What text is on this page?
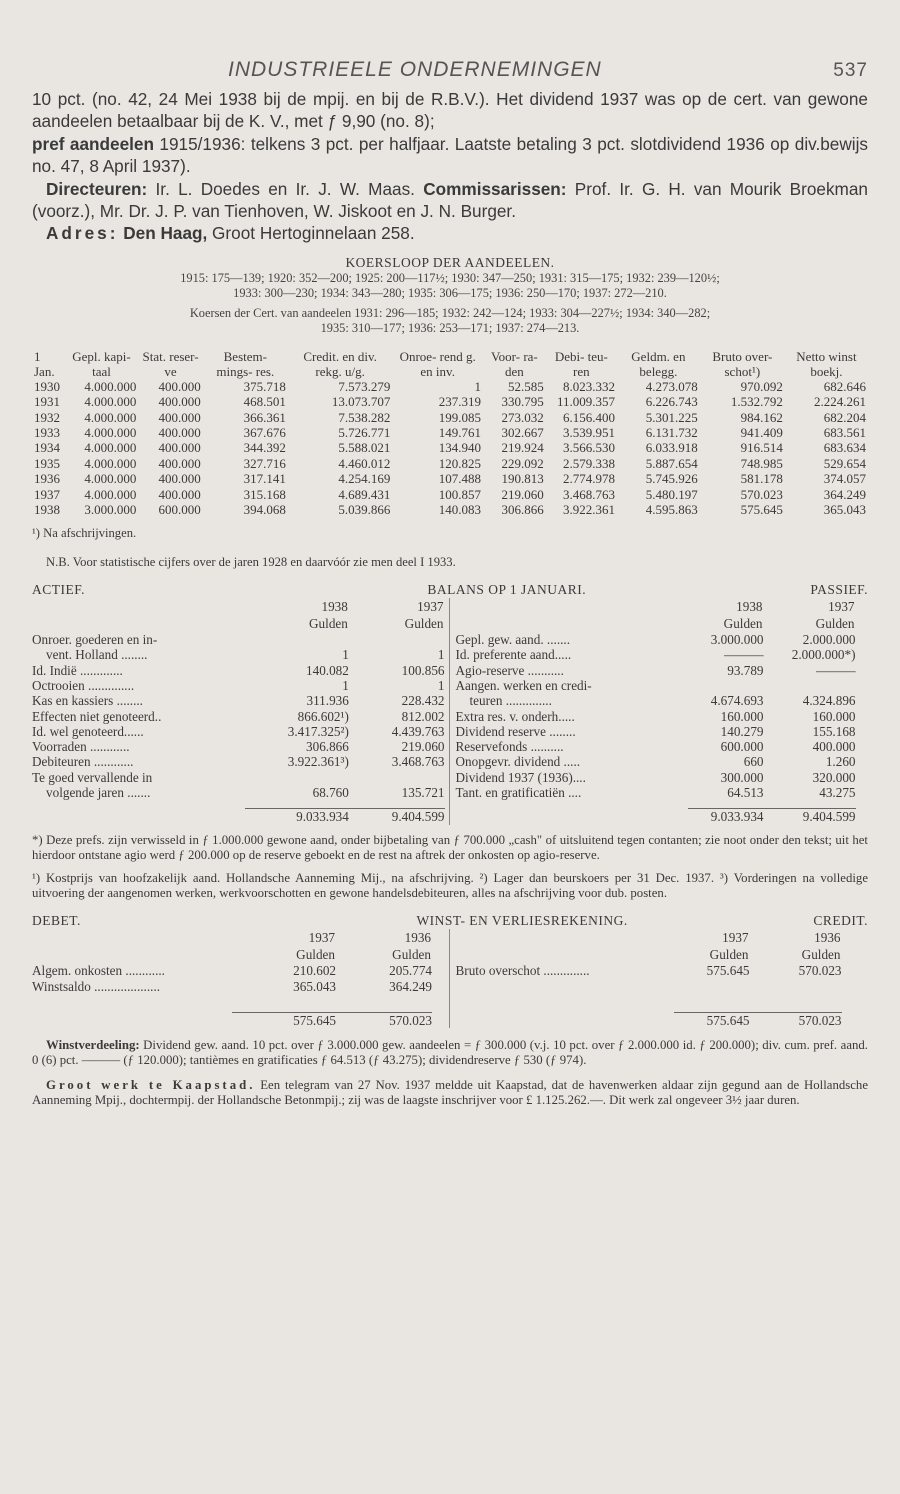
INDUSTRIEELE ONDERNEMINGEN	537

10 pct. (no. 42, 24 Mei 1938 bij de mpij. en bij de R.B.V.). Het dividend 1937 was op de cert. van gewone aandeelen betaalbaar bij de K. V., met ƒ 9,90 (no. 8);
pref aandeelen 1915/1936: telkens 3 pct. per halfjaar. Laatste betaling 3 pct. slotdividend 1936 op div.bewijs no. 47, 8 April 1937).

Directeuren: Ir. L. Doedes en Ir. J. W. Maas. Commissarissen: Prof. Ir. G. H. van Mourik Broekman (voorz.), Mr. Dr. J. P. van Tienhoven, W. Jiskoot en J. N. Burger.

Adres: Den Haag, Groot Hertoginnelaan 258.

KOERSLOOP DER AANDEELEN.
1915: 175—139; 1920: 352—200; 1925: 200—117½; 1930: 347—250; 1931: 315—175; 1932: 239—120½;
1933: 300—230; 1934: 343—280; 1935: 306—175; 1936: 250—170; 1937: 272—210.
Koersen der Cert. van aandeelen 1931: 296—185; 1932: 242—124; 1933: 304—227½; 1934: 340—282;
1935: 310—177; 1936: 253—171; 1937: 274—213.
1 Jan.	Gepl. kapi- taal	Stat. reser- ve	Bestem- mings- res.	Credit. en div. rekg. u/g.	Onroe- rend g. en inv.	Voor- ra- den	Debi- teu- ren	Geldm. en belegg.	Bruto over- schot¹)	Netto winst boekj.
1930	4.000.000	400.000	375.718	7.573.279	1	52.585	8.023.332	4.273.078	970.092	682.646
1931	4.000.000	400.000	468.501	13.073.707	237.319	330.795	11.009.357	6.226.743	1.532.792	2.224.261
1932	4.000.000	400.000	366.361	7.538.282	199.085	273.032	6.156.400	5.301.225	984.162	682.204
1933	4.000.000	400.000	367.676	5.726.771	149.761	302.667	3.539.951	6.131.732	941.409	683.561
1934	4.000.000	400.000	344.392	5.588.021	134.940	219.924	3.566.530	6.033.918	916.514	683.634
1935	4.000.000	400.000	327.716	4.460.012	120.825	229.092	2.579.338	5.887.654	748.985	529.654
1936	4.000.000	400.000	317.141	4.254.169	107.488	190.813	2.774.978	5.745.926	581.178	374.057
1937	4.000.000	400.000	315.168	4.689.431	100.857	219.060	3.468.763	5.480.197	570.023	364.249
1938	3.000.000	600.000	394.068	5.039.866	140.083	306.866	3.922.361	4.595.863	575.645	365.043
¹) Na afschrijvingen.
N.B. Voor statistische cijfers over de jaren 1928 en daarvóór zie men deel I 1933.
ACTIEF.	BALANS OP 1 JANUARI.	PASSIEF.
	1938	1937
	Gulden	Gulden
Onroer. goederen en in-		
vent. Holland ........	1	1
Id. Indië .............	140.082	100.856
Octrooien ..............	1	1
Kas en kassiers ........	311.936	228.432
Effecten niet genoteerd..	866.602¹)	812.002
Id. wel genoteerd......	3.417.325²)	4.439.763
Voorraden ............	306.866	219.060
Debiteuren ............	3.922.361³)	3.468.763
Te goed vervallende in		
volgende jaren .......	68.760	135.721

9.033.934	9.404.599
	1938	1937
	Gulden	Gulden
Gepl. gew. aand. .......	3.000.000	2.000.000
Id. preferente aand.....	———	2.000.000*)
Agio-reserve ...........	93.789	———
Aangen. werken en credi-		
teuren ..............	4.674.693	4.324.896
Extra res. v. onderh.....	160.000	160.000
Dividend reserve ........	140.279	155.168
Reservefonds ..........	600.000	400.000
Onopgevr. dividend .....	660	1.260
Dividend 1937 (1936)....	300.000	320.000
Tant. en gratificatiën ....	64.513	43.275

9.033.934	9.404.599
*) Deze prefs. zijn verwisseld in ƒ 1.000.000 gewone aand, onder bijbetaling van ƒ 700.000 „cash" of uitsluitend tegen contanten; zie noot onder den tekst; uit het hierdoor ontstane agio werd ƒ 200.000 op de reserve geboekt en de rest na aftrek der onkosten op agio-reserve.
¹) Kostprijs van hoofzakelijk aand. Hollandsche Aanneming Mij., na afschrijving. ²) Lager dan beurskoers per 31 Dec. 1937. ³) Vorderingen na volledige uitvoering der aangenomen werken, werkvoorschotten en gewone handelsdebiteuren, alles na afschrijving voor dub. posten.
DEBET.	WINST- EN VERLIESREKENING.	CREDIT.
	1937	1936
	Gulden	Gulden
Algem. onkosten ............	210.602	205.774
Winstsaldo ....................	365.043	364.249

575.645	570.023
	1937	1936
	Gulden	Gulden
Bruto overschot ..............	575.645	570.023

575.645	570.023
Winstverdeeling: Dividend gew. aand. 10 pct. over ƒ 3.000.000 gew. aandeelen = ƒ 300.000 (v.j. 10 pct. over ƒ 2.000.000 id. ƒ 200.000); div. cum. pref. aand. 0 (6) pct. ——— (ƒ 120.000); tantièmes en gratificaties ƒ 64.513 (ƒ 43.275); dividendreserve ƒ 530 (ƒ 974).
Groot werk te Kaapstad. Een telegram van 27 Nov. 1937 meldde uit Kaapstad, dat de havenwerken aldaar zijn gegund aan de Hollandsche Aanneming Mpij., dochtermpij. der Hollandsche Betonmpij.; zij was de laagste inschrijver voor £ 1.125.262.—. Dit werk zal ongeveer 3½ jaar duren.
